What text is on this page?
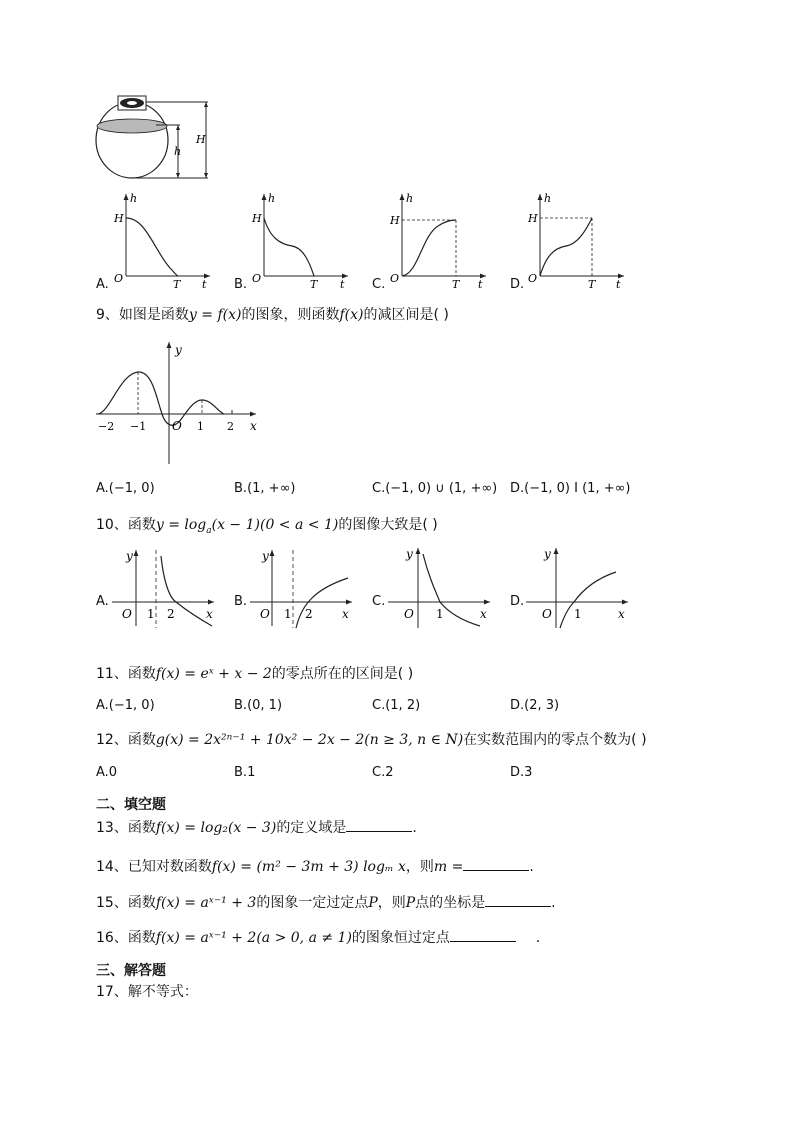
h
H
A.
h
H
O	T t B.
h
H
O	T t C.
h
H
O	T t D.
h
H
O	T t
9、如图是函数y = f(x)的图象，则函数f(x)的减区间是( )
y
x
O
−2 −1	1 2
A.(−1, 0)	B.(1, +∞)	C.(−1, 0) ∪ (1, +∞) D.(−1, 0) I (1, +∞)
10、函数$y = \log_a(x - 1)(0 < a < 1)$的图像大致是( )
A.
y
O 1 2	x
B.
y
O 1 2 x
C.
y
O 1	x
D.
y
O 1	x
11、函数f(x) = eˣ + x − 2的零点所在的区间是( )
A.(−1, 0)	B.(0, 1)	C.(1, 2)	D.(2, 3)
12、函数g(x) = 2x²ⁿ⁻¹ + 10x² − 2x − 2(n ≥ 3, n ∈ N)在实数范围内的零点个数为( )
A.0	B.1	C.2	D.3
二、填空题
13、函数f(x) = log₂(x − 3)的定义域是	.
14、已知对数函数f(x) = (m² − 3m + 3) logₘ x，则m =	.
15、函数f(x) = aˣ⁻¹ + 3的图象一定过定点P，则P点的坐标是	.
16、函数f(x) = aˣ⁻¹ + 2(a > 0, a ≠ 1)的图象恒过定点	.
三、解答题
17、解不等式：
